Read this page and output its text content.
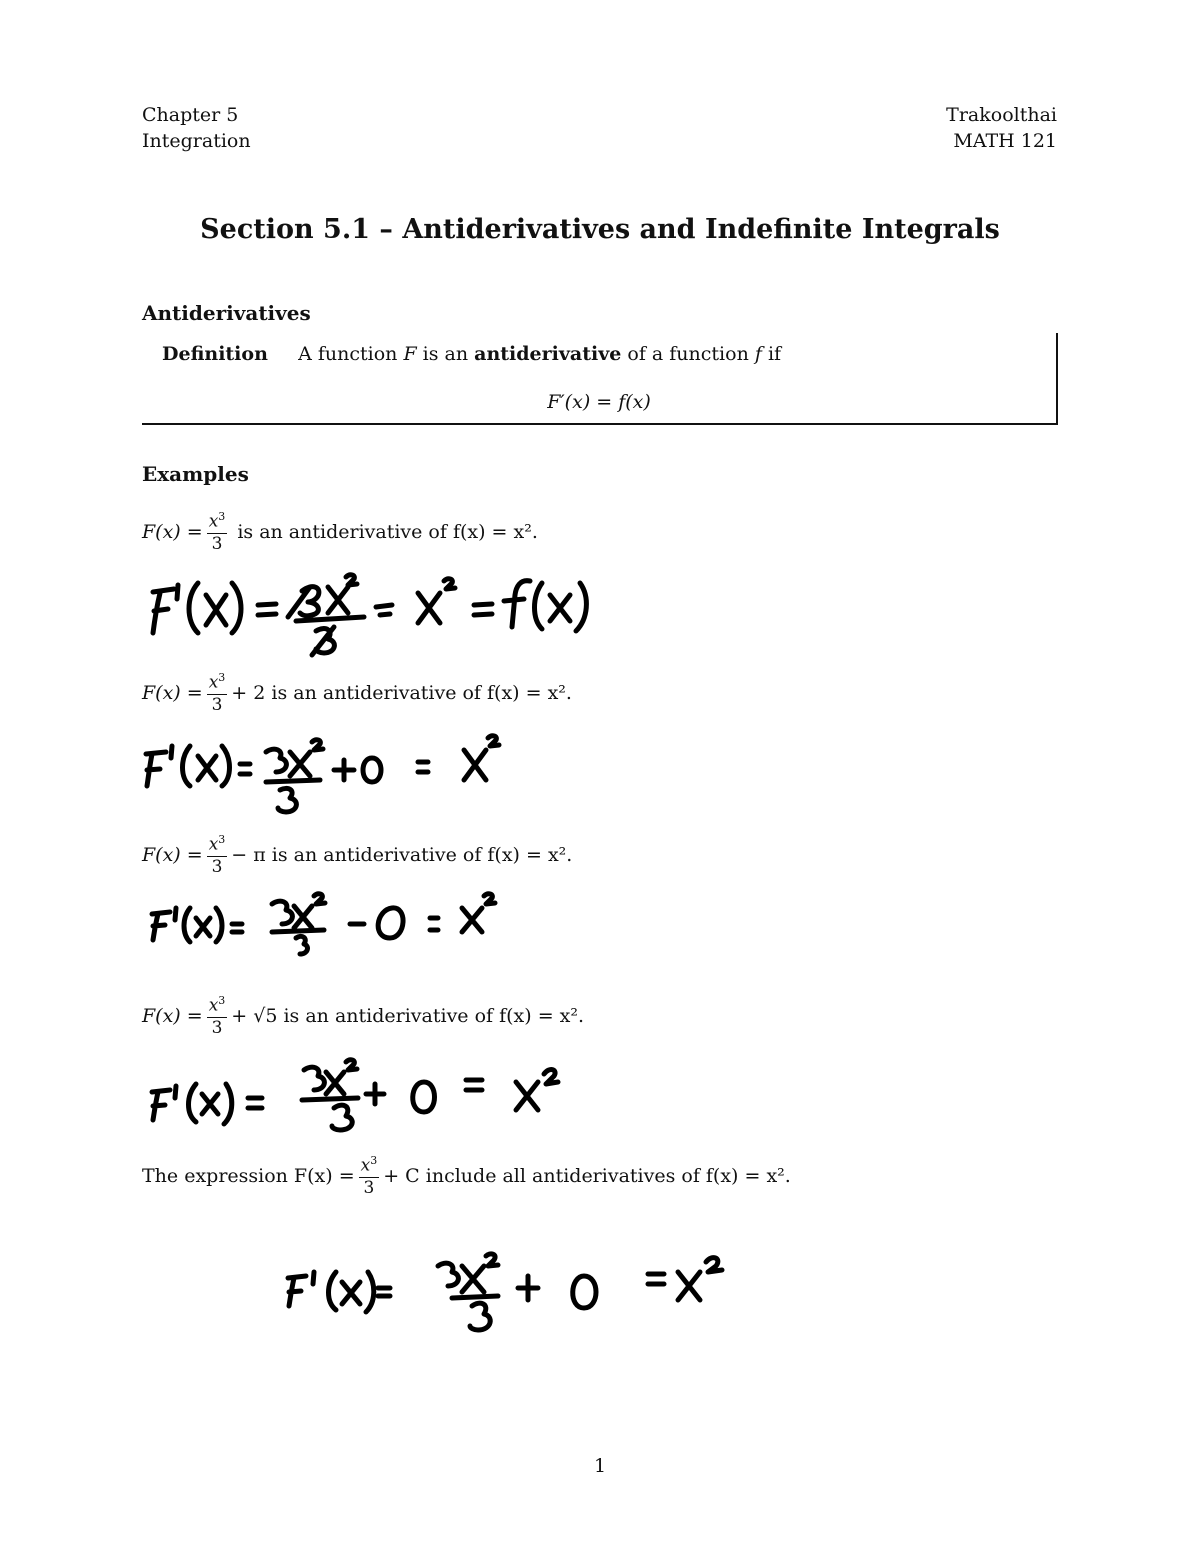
Chapter 5
Integration
Trakoolthai
MATH 121
Section 5.1 – Antiderivatives and Indefinite Integrals
Antiderivatives
Definition A function F is an antiderivative of a function f if
F′(x) = f(x)
Examples
$F(x) = \frac{x^3}{3}$
is an antiderivative of f(x) = x².
$F(x) = \frac{x^3}{3} + 2$
is an antiderivative of f(x) = x².
$F(x) = \frac{x^3}{3} - \pi$
is an antiderivative of f(x) = x².
$F(x) = \frac{x^3}{3} + √5$
is an antiderivative of f(x) = x².
The expression $F(x) = \frac{x^3}{3} + C$
include all antiderivatives of f(x) = x².
1
